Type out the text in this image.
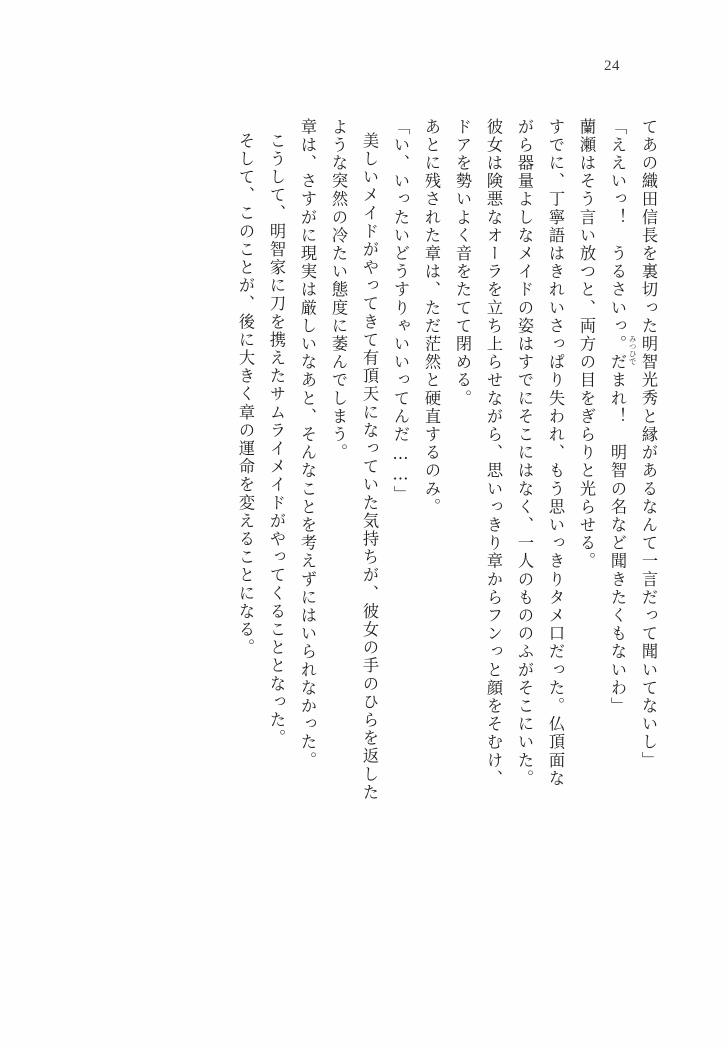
24
てあの織田信長を裏切った明智光秀
みつひで
と縁があるなんて一言だって聞いてないし」
「ええいっ！　うるさいっ。だまれ！　明智の名など聞きたくもないわ」
蘭瀬はそう言い放つと、両方の目をぎらりと光らせる。
すでに、丁寧語はきれいさっぱり失われ、もう思いっきりタメ口だった。仏頂面な
がら器量よしなメイドの姿はすでにそこにはなく、一人のもののふがそこにいた。
彼女は険悪なオーラを立ち上らせながら、思いっきり章からフンっと顔をそむけ、
ドアを勢いよく音をたてて閉める。
あとに残された章は、ただ茫然と硬直するのみ。
「い、いったいどうすりゃいいってんだ……」
美しいメイドがやってきて有頂天になっていた気持ちが、彼女の手のひらを返した
ような突然の冷たい態度に萎んでしまう。
章は、さすがに現実は厳しいなあと、そんなことを考えずにはいられなかった。
こうして、明智家に刀を携えたサムライメイドがやってくることとなった。
そして、このことが、後に大きく章の運命を変えることになる。
